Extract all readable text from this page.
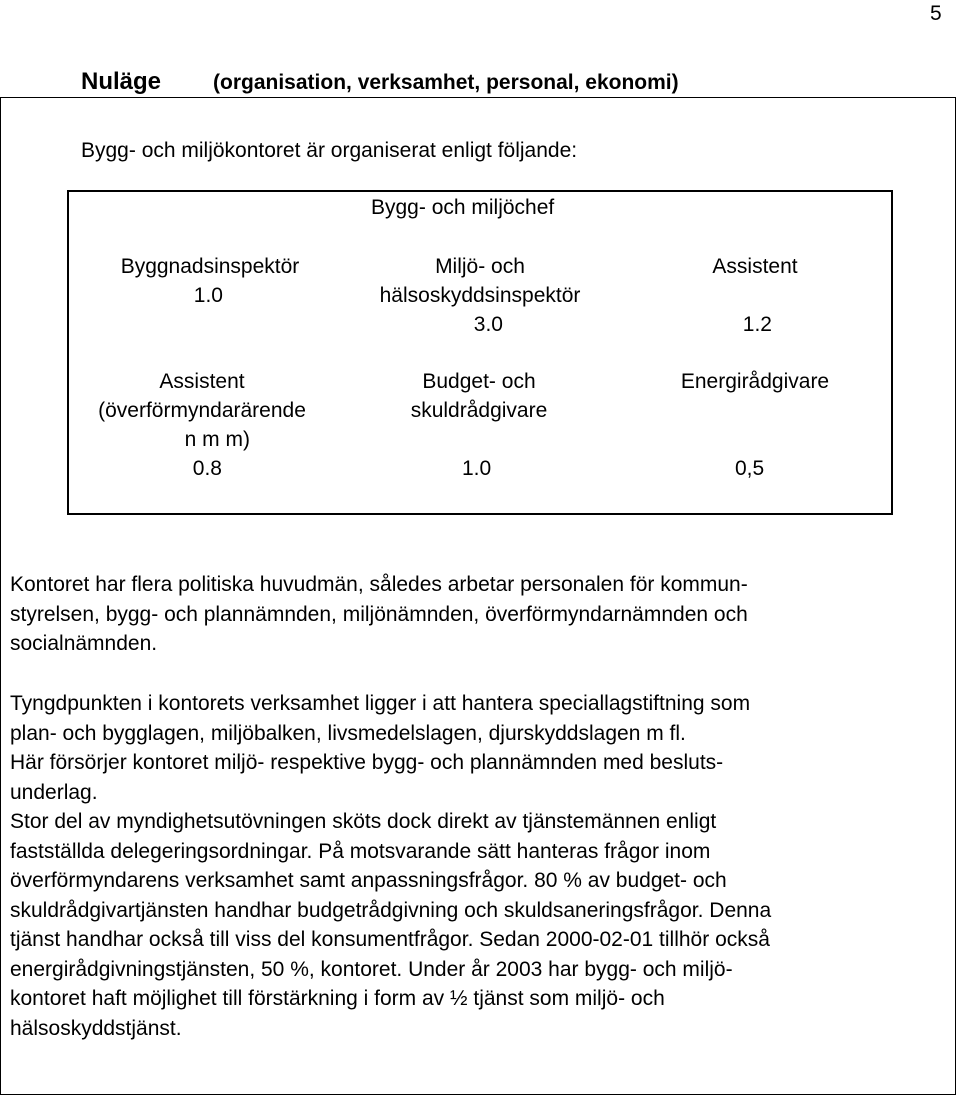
5
Nuläge (organisation, verksamhet, personal, ekonomi)
Bygg- och miljökontoret är organiserat enligt följande:
Bygg- och miljöchef
Byggnadsinspektör
1.0
Miljö- och
hälsoskyddsinspektör
3.0
Assistent
1.2
Assistent
(överförmyndarärende
n m m)
0.8
Budget- och
skuldrådgivare
1.0
Energirådgivare
0,5

Kontoret har flera politiska huvudmän, således arbetar personalen för kommun-

styrelsen, bygg- och plannämnden, miljönämnden, överförmyndarnämnden och

socialnämnden.

Tyngdpunkten i kontorets verksamhet ligger i att hantera speciallagstiftning som

plan- och bygglagen, miljöbalken, livsmedelslagen, djurskyddslagen m fl.

Här försörjer kontoret miljö- respektive bygg- och plannämnden med besluts-

underlag.

Stor del av myndighetsutövningen sköts dock direkt av tjänstemännen enligt

fastställda delegeringsordningar. På motsvarande sätt hanteras frågor inom

överförmyndarens verksamhet samt anpassningsfrågor. 80 % av budget- och

skuldrådgivartjänsten handhar budgetrådgivning och skuldsaneringsfrågor. Denna

tjänst handhar också till viss del konsumentfrågor. Sedan 2000-02-01 tillhör också

energirådgivningstjänsten, 50 %, kontoret. Under år 2003 har bygg- och miljö-

kontoret haft möjlighet till förstärkning i form av ½ tjänst som miljö- och

hälsoskyddstjänst.
